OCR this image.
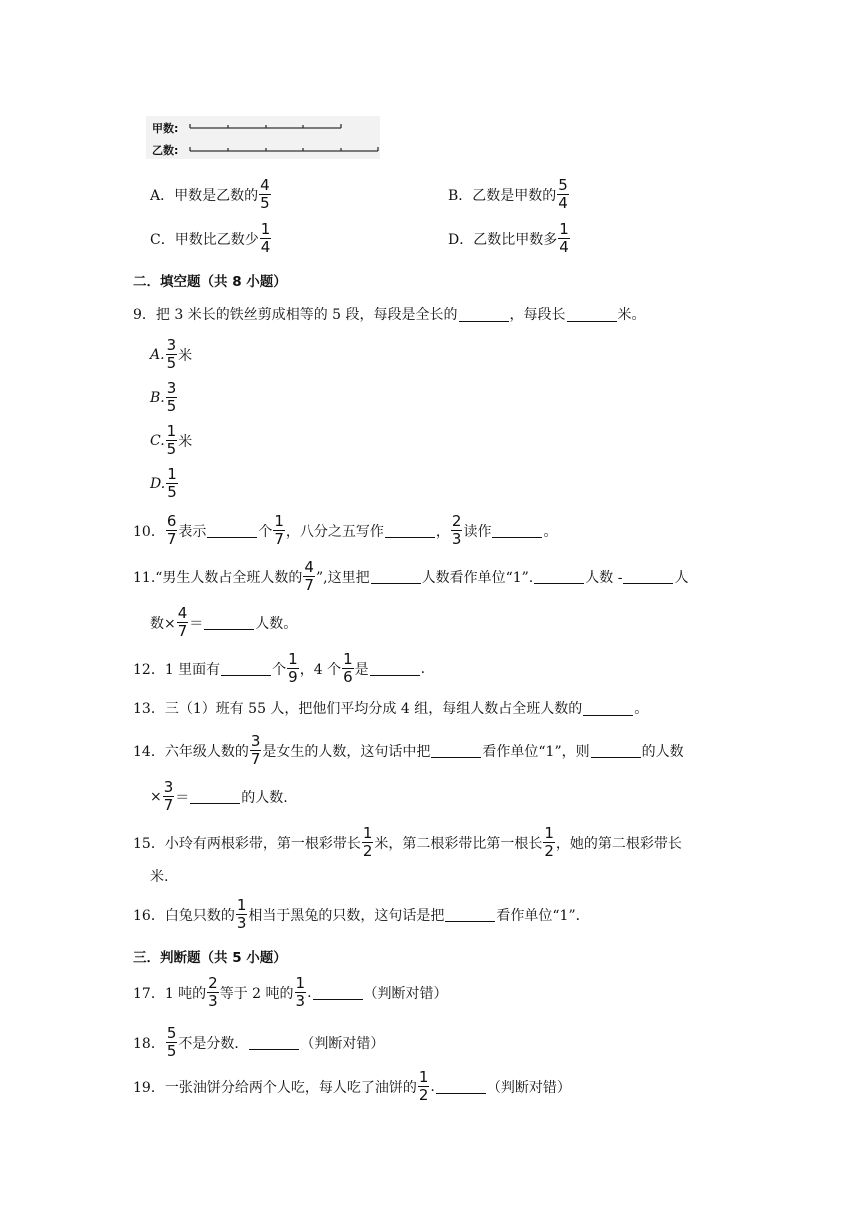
甲数:
乙数:
A．甲数是乙数的 $\frac{4}{5}$	B．乙数是甲数的 $\frac{5}{4}$
C．甲数比乙数少 $\frac{1}{4}$	D．乙数比甲数多 $\frac{1}{4}$
二．填空题（共 8 小题）
9．把 3 米长的铁丝剪成相等的 5 段，每段是全长的	，每段长	米。
A. $\frac{3}{5}$ 米
B. $\frac{3}{5}$
C. $\frac{1}{5}$ 米
D. $\frac{1}{5}$
10． $\frac{6}{7}$ 表示	个 $\frac{1}{7}$ ，八分之五写作	， $\frac{2}{3}$ 读作	。
11.“男生人数占全班人数的 $\frac{4}{7}$ ”,这里把	人数看作单位“1”.	人数 -	人
数× $\frac{4}{7}$ ＝	人数。
12．1 里面有	个 $\frac{1}{9}$ ，4 个 $\frac{1}{6}$ 是	.
13．三（1）班有 55 人，把他们平均分成 4 组，每组人数占全班人数的	。
14．六年级人数的 $\frac{3}{7}$ 是女生的人数，这句话中把	看作单位“1”，则	的人数
× $\frac{3}{7}$ ＝	的人数.
15．小玲有两根彩带，第一根彩带长 $\frac{1}{2}$ 米，第二根彩带比第一根长 $\frac{1}{2}$ ，她的第二根彩带长
米.
16．白兔只数的 $\frac{1}{3}$ 相当于黑兔的只数，这句话是把	看作单位“1”．
三．判断题（共 5 小题）
17．1 吨的 $\frac{2}{3}$ 等于 2 吨的 $\frac{1}{3}$ .	（判断对错）
18． $\frac{5}{5}$ 不是分数．	（判断对错）
19．一张油饼分给两个人吃，每人吃了油饼的 $\frac{1}{2}$ .	（判断对错）
